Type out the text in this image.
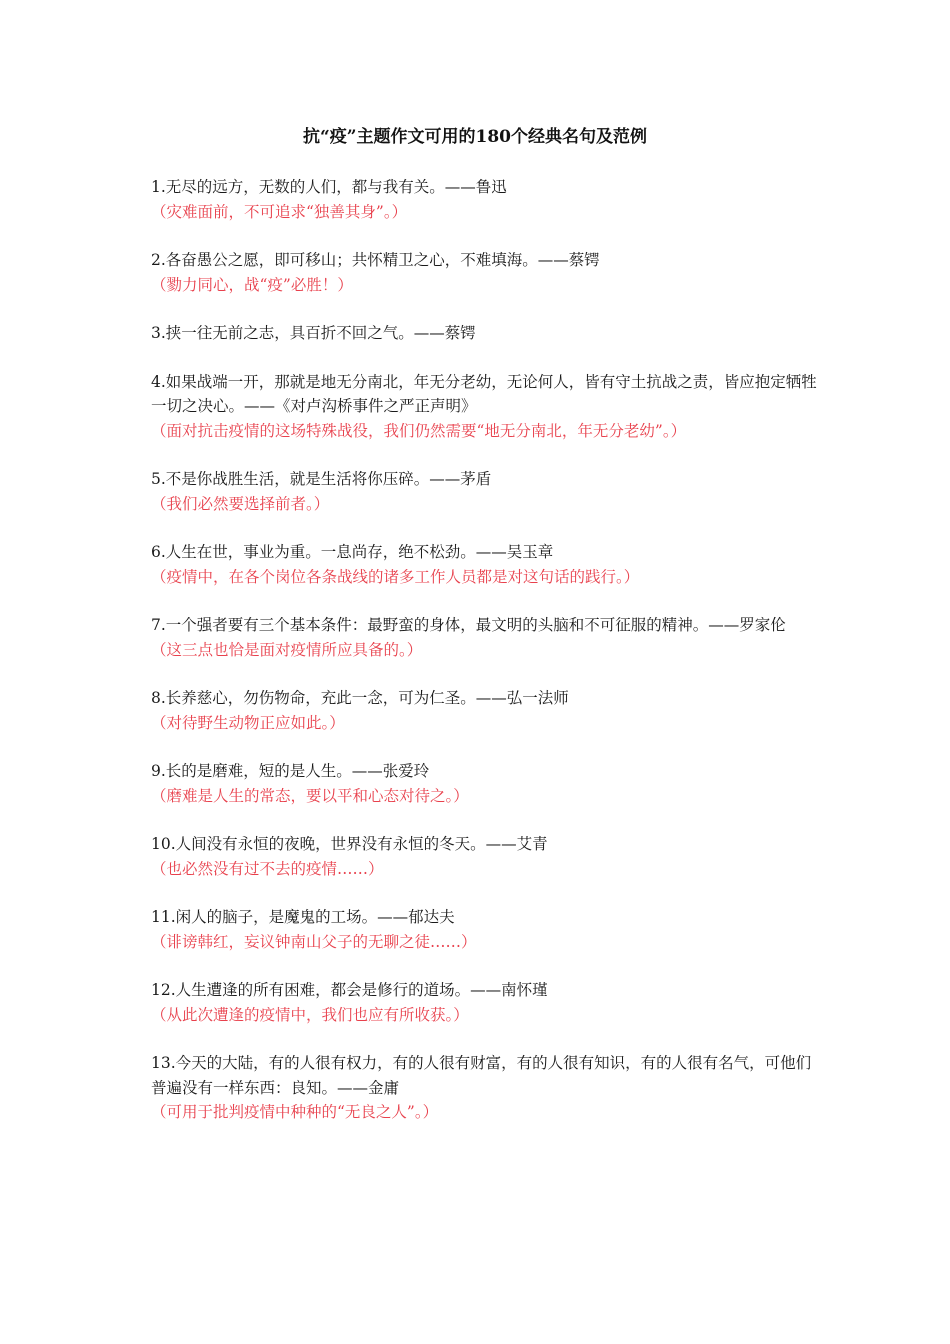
抗“疫”主题作文可用的180个经典名句及范例

1.无尽的远方，无数的人们，都与我有关。——鲁迅

（灾难面前，不可追求“独善其身”。）

2.各奋愚公之愿，即可移山；共怀精卫之心，不难填海。——蔡锷

（勠力同心，战“疫”必胜！）

3.挟一往无前之志，具百折不回之气。——蔡锷

4.如果战端一开，那就是地无分南北，年无分老幼，无论何人，皆有守土抗战之责，皆应抱定牺牲一切之决心。——《对卢沟桥事件之严正声明》

（面对抗击疫情的这场特殊战役，我们仍然需要“地无分南北，年无分老幼”。）

5.不是你战胜生活，就是生活将你压碎。——茅盾

（我们必然要选择前者。）

6.人生在世，事业为重。一息尚存，绝不松劲。——吴玉章

（疫情中，在各个岗位各条战线的诸多工作人员都是对这句话的践行。）

7.一个强者要有三个基本条件：最野蛮的身体，最文明的头脑和不可征服的精神。——罗家伦

（这三点也恰是面对疫情所应具备的。）

8.长养慈心，勿伤物命，充此一念，可为仁圣。——弘一法师

（对待野生动物正应如此。）

9.长的是磨难，短的是人生。——张爱玲

（磨难是人生的常态，要以平和心态对待之。）

10.人间没有永恒的夜晚，世界没有永恒的冬天。——艾青

（也必然没有过不去的疫情……）

11.闲人的脑子，是魔鬼的工场。——郁达夫

（诽谤韩红，妄议钟南山父子的无聊之徒……）

12.人生遭逢的所有困难，都会是修行的道场。——南怀瑾

（从此次遭逢的疫情中，我们也应有所收获。）

13.今天的大陆，有的人很有权力，有的人很有财富，有的人很有知识，有的人很有名气，可他们普遍没有一样东西：良知。——金庸

（可用于批判疫情中种种的“无良之人”。）
